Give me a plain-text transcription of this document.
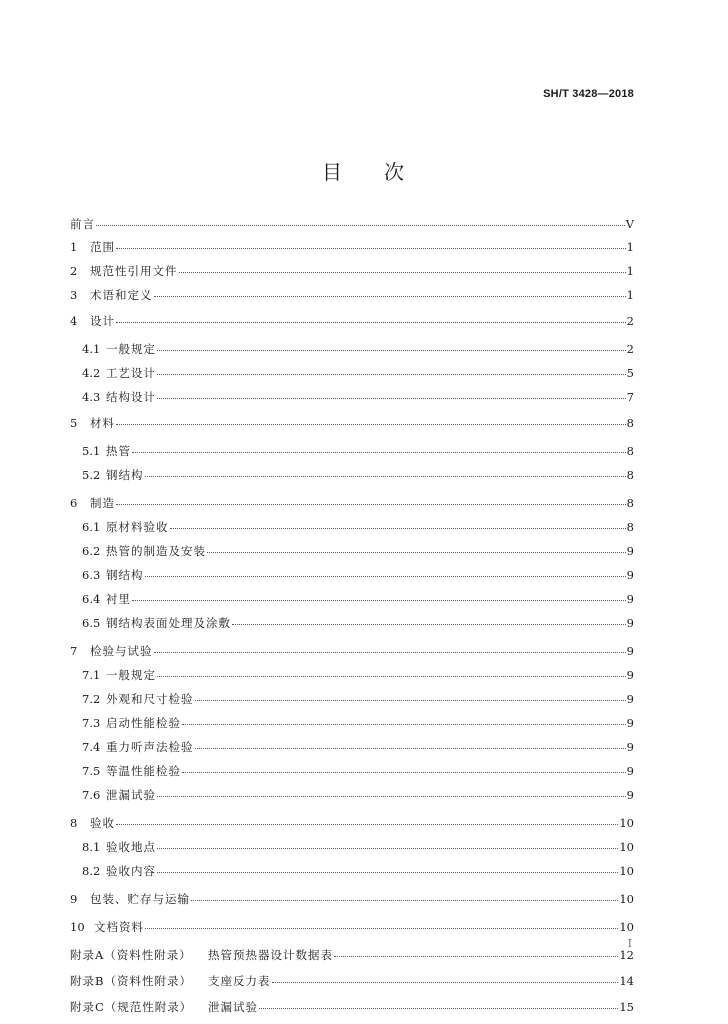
SH/T 3428—2018
目 次
前言	V
1	范围	1
2	规范性引用文件	1
3	术语和定义	1
4	设计	2
4.1 一般规定	2
4.2 工艺设计	5
4.3 结构设计	7
5	材料	8
5.1 热管	8
5.2 钢结构	8
6	制造	8
6.1 原材料验收	8
6.2 热管的制造及安装	9
6.3 钢结构	9
6.4 衬里	9
6.5 钢结构表面处理及涂敷	9
7	检验与试验	9
7.1 一般规定	9
7.2 外观和尺寸检验	9
7.3 启动性能检验	9
7.4 重力听声法检验	9
7.5 等温性能检验	9
7.6 泄漏试验	9
8	验收	10
8.1 验收地点	10
8.2 验收内容	10
9	包装、贮存与运输	10
10 文档资料	10
附录A（资料性附录）	热管预热器设计数据表	12
附录B（资料性附录）	支座反力表	14
附录C（规范性附录）	泄漏试验	15
I
